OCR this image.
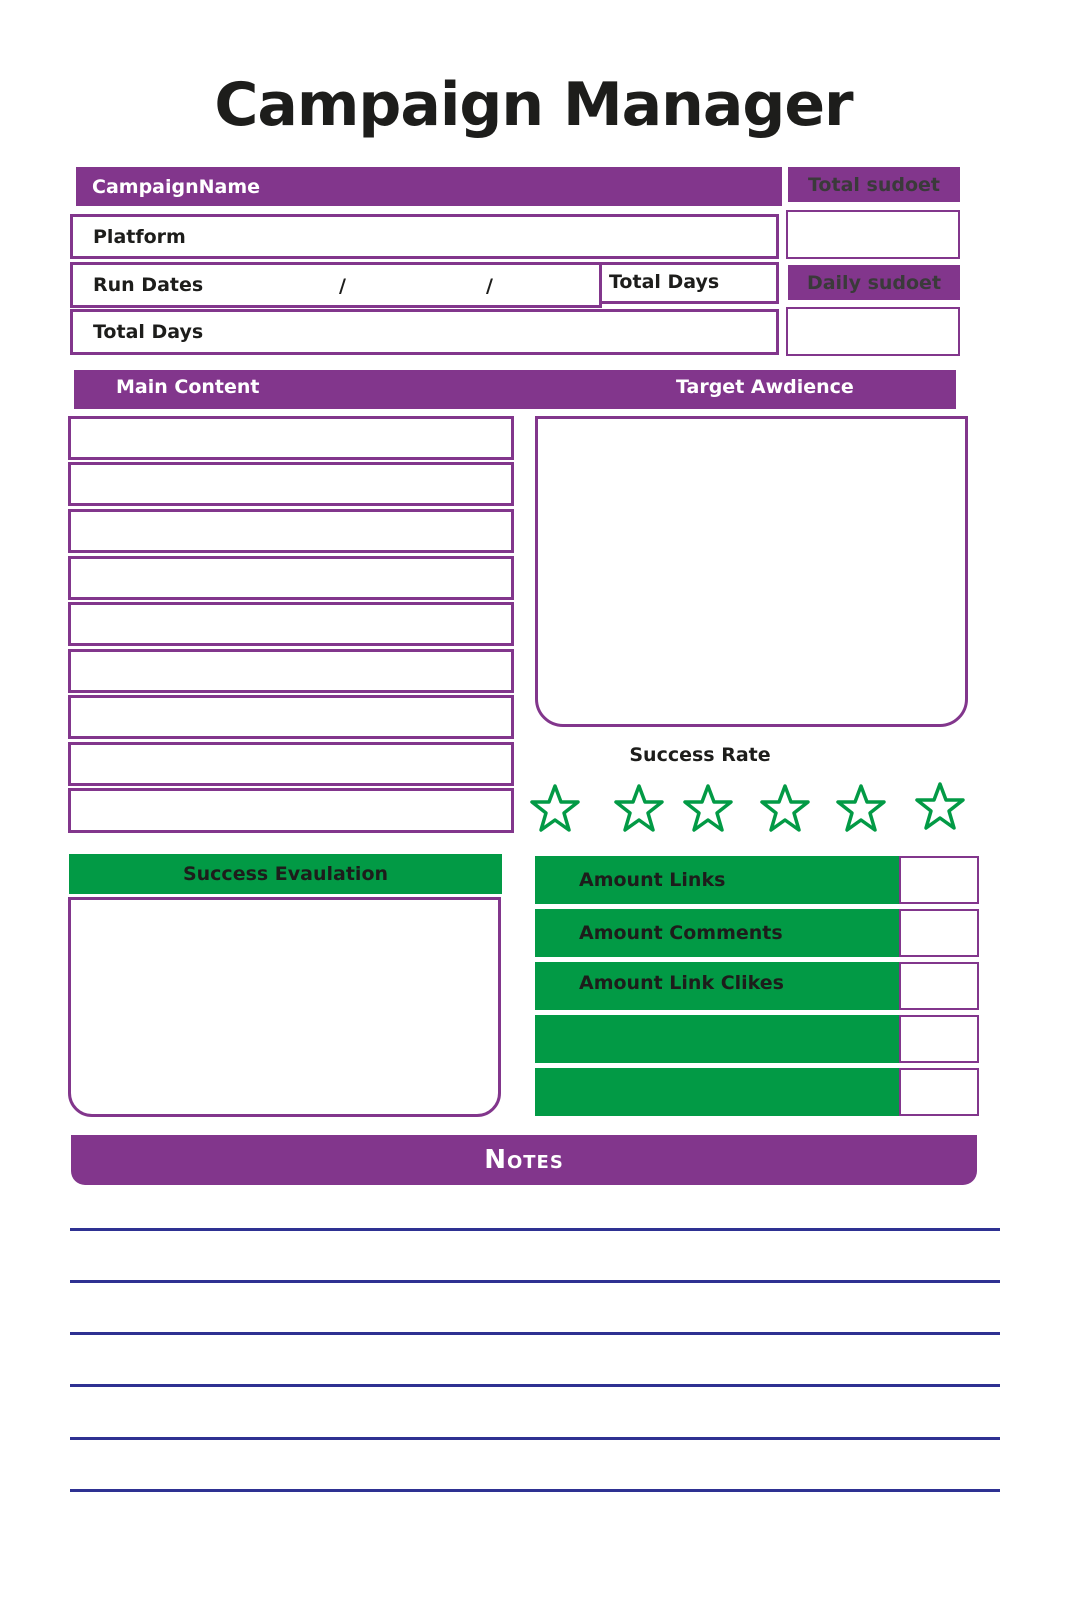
Campaign Manager
CampaignName	Total sudoet
Platform
Run Dates	/	/	Total Days	Daily sudoet
Total Days
Main Content	Target Awdience
Success Rate
Success Evaulation	Amount Links
Amount Comments
Amount Link Clikes
Notes
